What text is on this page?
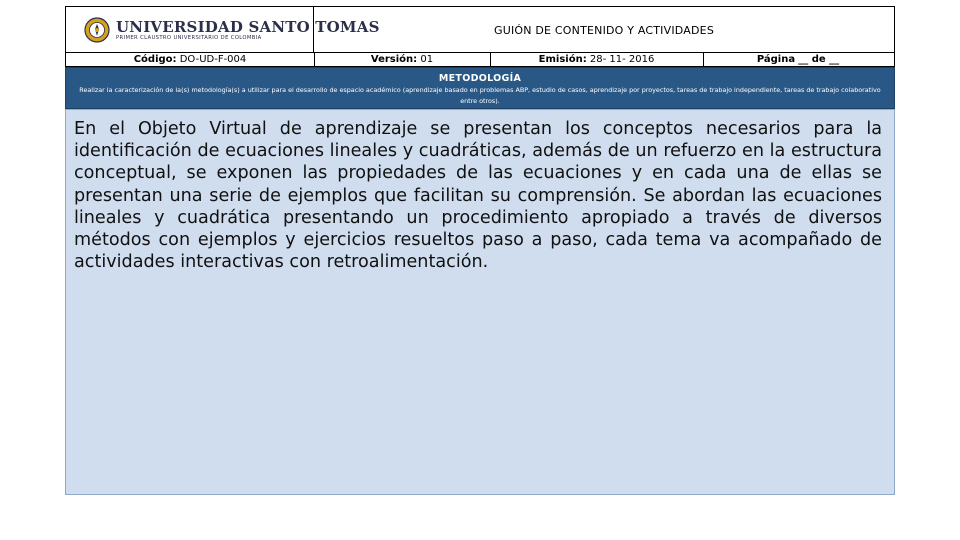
UNIVERSIDAD SANTO TOMAS
PRIMER CLAUSTRO UNIVERSITARIO DE COLOMBIA
GUIÓN DE CONTENIDO Y ACTIVIDADES
Código: DO-UD-F-004	Versión: 01	Emisión: 28- 11- 2016	Página __ de __
METODOLOGÍA
Realizar la caracterización de la(s) metodología(s) a utilizar para el desarrollo de espacio académico (aprendizaje basado en problemas ABP, estudio de casos, aprendizaje por proyectos, tareas de trabajo independiente, tareas de trabajo colaborativo entre otros).
En el Objeto Virtual de aprendizaje se presentan los conceptos necesarios para la identificación de ecuaciones lineales y cuadráticas, además de un refuerzo en la estructura conceptual, se exponen las propiedades de las ecuaciones y en cada una de ellas se presentan una serie de ejemplos que facilitan su comprensión. Se abordan las ecuaciones lineales y cuadrática presentando un procedimiento apropiado a través de diversos métodos con ejemplos y ejercicios resueltos paso a paso, cada tema va acompañado de actividades interactivas con retroalimentación.
